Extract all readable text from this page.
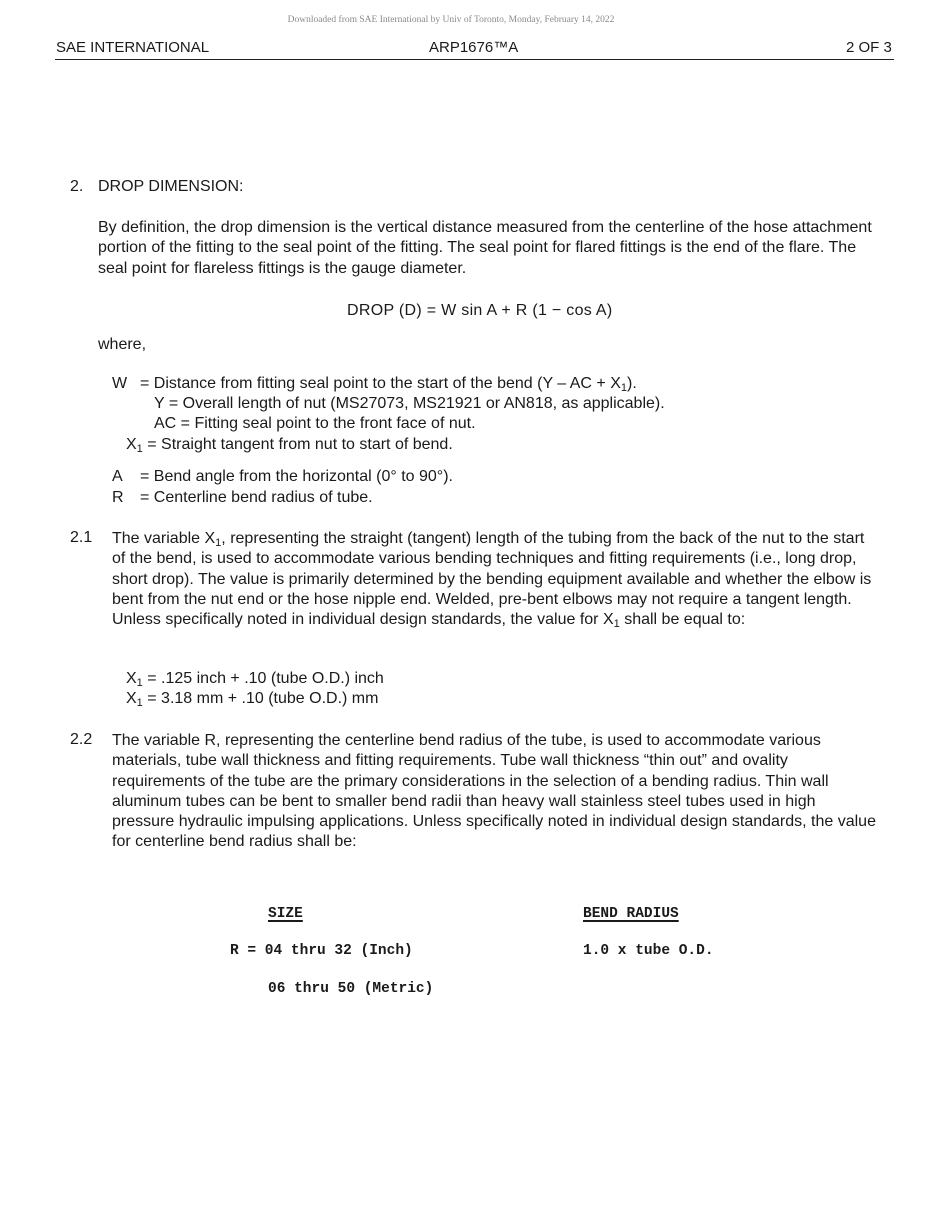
Downloaded from SAE International by Univ of Toronto, Monday, February 14, 2022
SAE INTERNATIONAL	ARP1676™A	2 OF 3
2. DROP DIMENSION:
By definition, the drop dimension is the vertical distance measured from the centerline of the hose attachment portion of the fitting to the seal point of the fitting. The seal point for flared fittings is the end of the flare. The seal point for flareless fittings is the gauge diameter.
DROP (D) = W sin A + R (1 − cos A)
where,
W = Distance from fitting seal point to the start of the bend (Y – AC + $X_1$).
Y = Overall length of nut (MS27073, MS21921 or AN818, as applicable).
AC = Fitting seal point to the front face of nut.
$X_1$ = Straight tangent from nut to start of bend.
A = Bend angle from the horizontal (0° to 90°).
R = Centerline bend radius of tube.
2.1 The variable $X_1$, representing the straight (tangent) length of the tubing from the back of the nut to the start of the bend, is used to accommodate various bending techniques and fitting requirements (i.e., long drop, short drop). The value is primarily determined by the bending equipment available and whether the elbow is bent from the nut end or the hose nipple end. Welded, pre-bent elbows may not require a tangent length. Unless specifically noted in individual design standards, the value for $X_1$ shall be equal to:
$X_1 = .125$ inch + .10 (tube O.D.) inch
$X_1 = 3.18$ mm + .10 (tube O.D.) mm
2.2 The variable R, representing the centerline bend radius of the tube, is used to accommodate various materials, tube wall thickness and fitting requirements. Tube wall thickness “thin out” and ovality requirements of the tube are the primary considerations in the selection of a bending radius. Thin wall aluminum tubes can be bent to smaller bend radii than heavy wall stainless steel tubes used in high pressure hydraulic impulsing applications. Unless specifically noted in individual design standards, the value for centerline bend radius shall be:
SIZE	BEND RADIUS
R = 04 thru 32 (Inch)	1.0 x tube O.D.
06 thru 50 (Metric)
